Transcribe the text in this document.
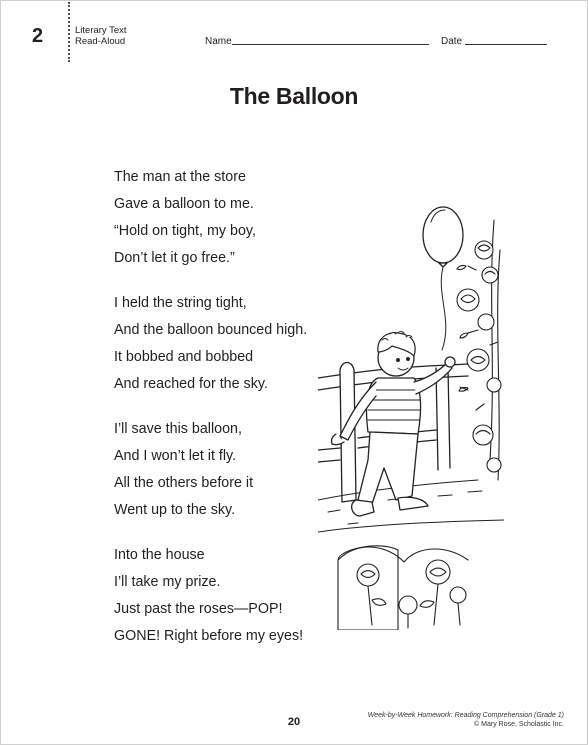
2	Literary Text
Read-Aloud	Name	Date
The Balloon
The man at the store
Gave a balloon to me.
“Hold on tight, my boy,
Don’t let it go free.”
I held the string tight,
And the balloon bounced high.
It bobbed and bobbed
And reached for the sky.
I’ll save this balloon,
And I won’t let it fly.
All the others before it
Went up to the sky.
Into the house
I’ll take my prize.
Just past the roses—POP!
GONE! Right before my eyes!
20
Week-by-Week Homework: Reading Comprehension (Grade 1)
© Mary Rose, Scholastic Inc.
